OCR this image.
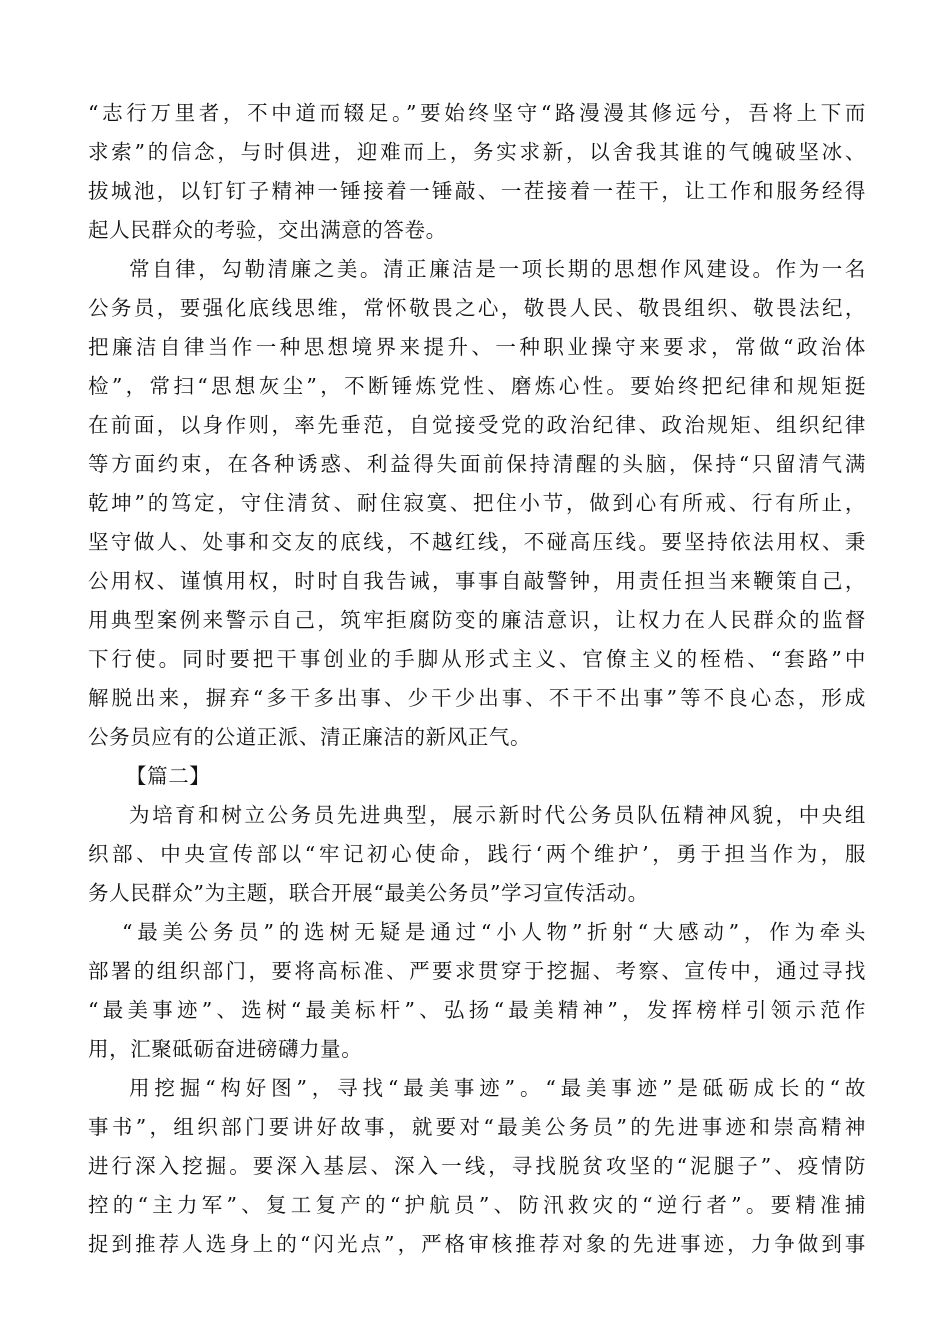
“志行万里者，不中道而辍足。”要始终坚守“路漫漫其修远兮，吾将上下而
求索”的信念，与时俱进，迎难而上，务实求新，以舍我其谁的气魄破坚冰、
拔城池，以钉钉子精神一锤接着一锤敲、一茬接着一茬干，让工作和服务经得
起人民群众的考验，交出满意的答卷。
常自律，勾勒清廉之美。清正廉洁是一项长期的思想作风建设。作为一名
公务员，要强化底线思维，常怀敬畏之心，敬畏人民、敬畏组织、敬畏法纪，
把廉洁自律当作一种思想境界来提升、一种职业操守来要求，常做“政治体
检”，常扫“思想灰尘”，不断锤炼党性、磨炼心性。要始终把纪律和规矩挺
在前面，以身作则，率先垂范，自觉接受党的政治纪律、政治规矩、组织纪律
等方面约束，在各种诱惑、利益得失面前保持清醒的头脑，保持“只留清气满
乾坤”的笃定，守住清贫、耐住寂寞、把住小节，做到心有所戒、行有所止，
坚守做人、处事和交友的底线，不越红线，不碰高压线。要坚持依法用权、秉
公用权、谨慎用权，时时自我告诫，事事自敲警钟，用责任担当来鞭策自己，
用典型案例来警示自己，筑牢拒腐防变的廉洁意识，让权力在人民群众的监督
下行使。同时要把干事创业的手脚从形式主义、官僚主义的桎梏、“套路”中
解脱出来，摒弃“多干多出事、少干少出事、不干不出事”等不良心态，形成
公务员应有的公道正派、清正廉洁的新风正气。
【篇二】
为培育和树立公务员先进典型，展示新时代公务员队伍精神风貌，中央组
织部、中央宣传部以“牢记初心使命，践行‘两个维护’，勇于担当作为，服
务人民群众”为主题，联合开展“最美公务员”学习宣传活动。
“最美公务员”的选树无疑是通过“小人物”折射“大感动”，作为牵头
部署的组织部门，要将高标准、严要求贯穿于挖掘、考察、宣传中，通过寻找
“最美事迹”、选树“最美标杆”、弘扬“最美精神”，发挥榜样引领示范作
用，汇聚砥砺奋进磅礴力量。
用挖掘“构好图”，寻找“最美事迹”。“最美事迹”是砥砺成长的“故
事书”，组织部门要讲好故事，就要对“最美公务员”的先进事迹和崇高精神
进行深入挖掘。要深入基层、深入一线，寻找脱贫攻坚的“泥腿子”、疫情防
控的“主力军”、复工复产的“护航员”、防汛救灾的“逆行者”。要精准捕
捉到推荐人选身上的“闪光点”，严格审核推荐对象的先进事迹，力争做到事
